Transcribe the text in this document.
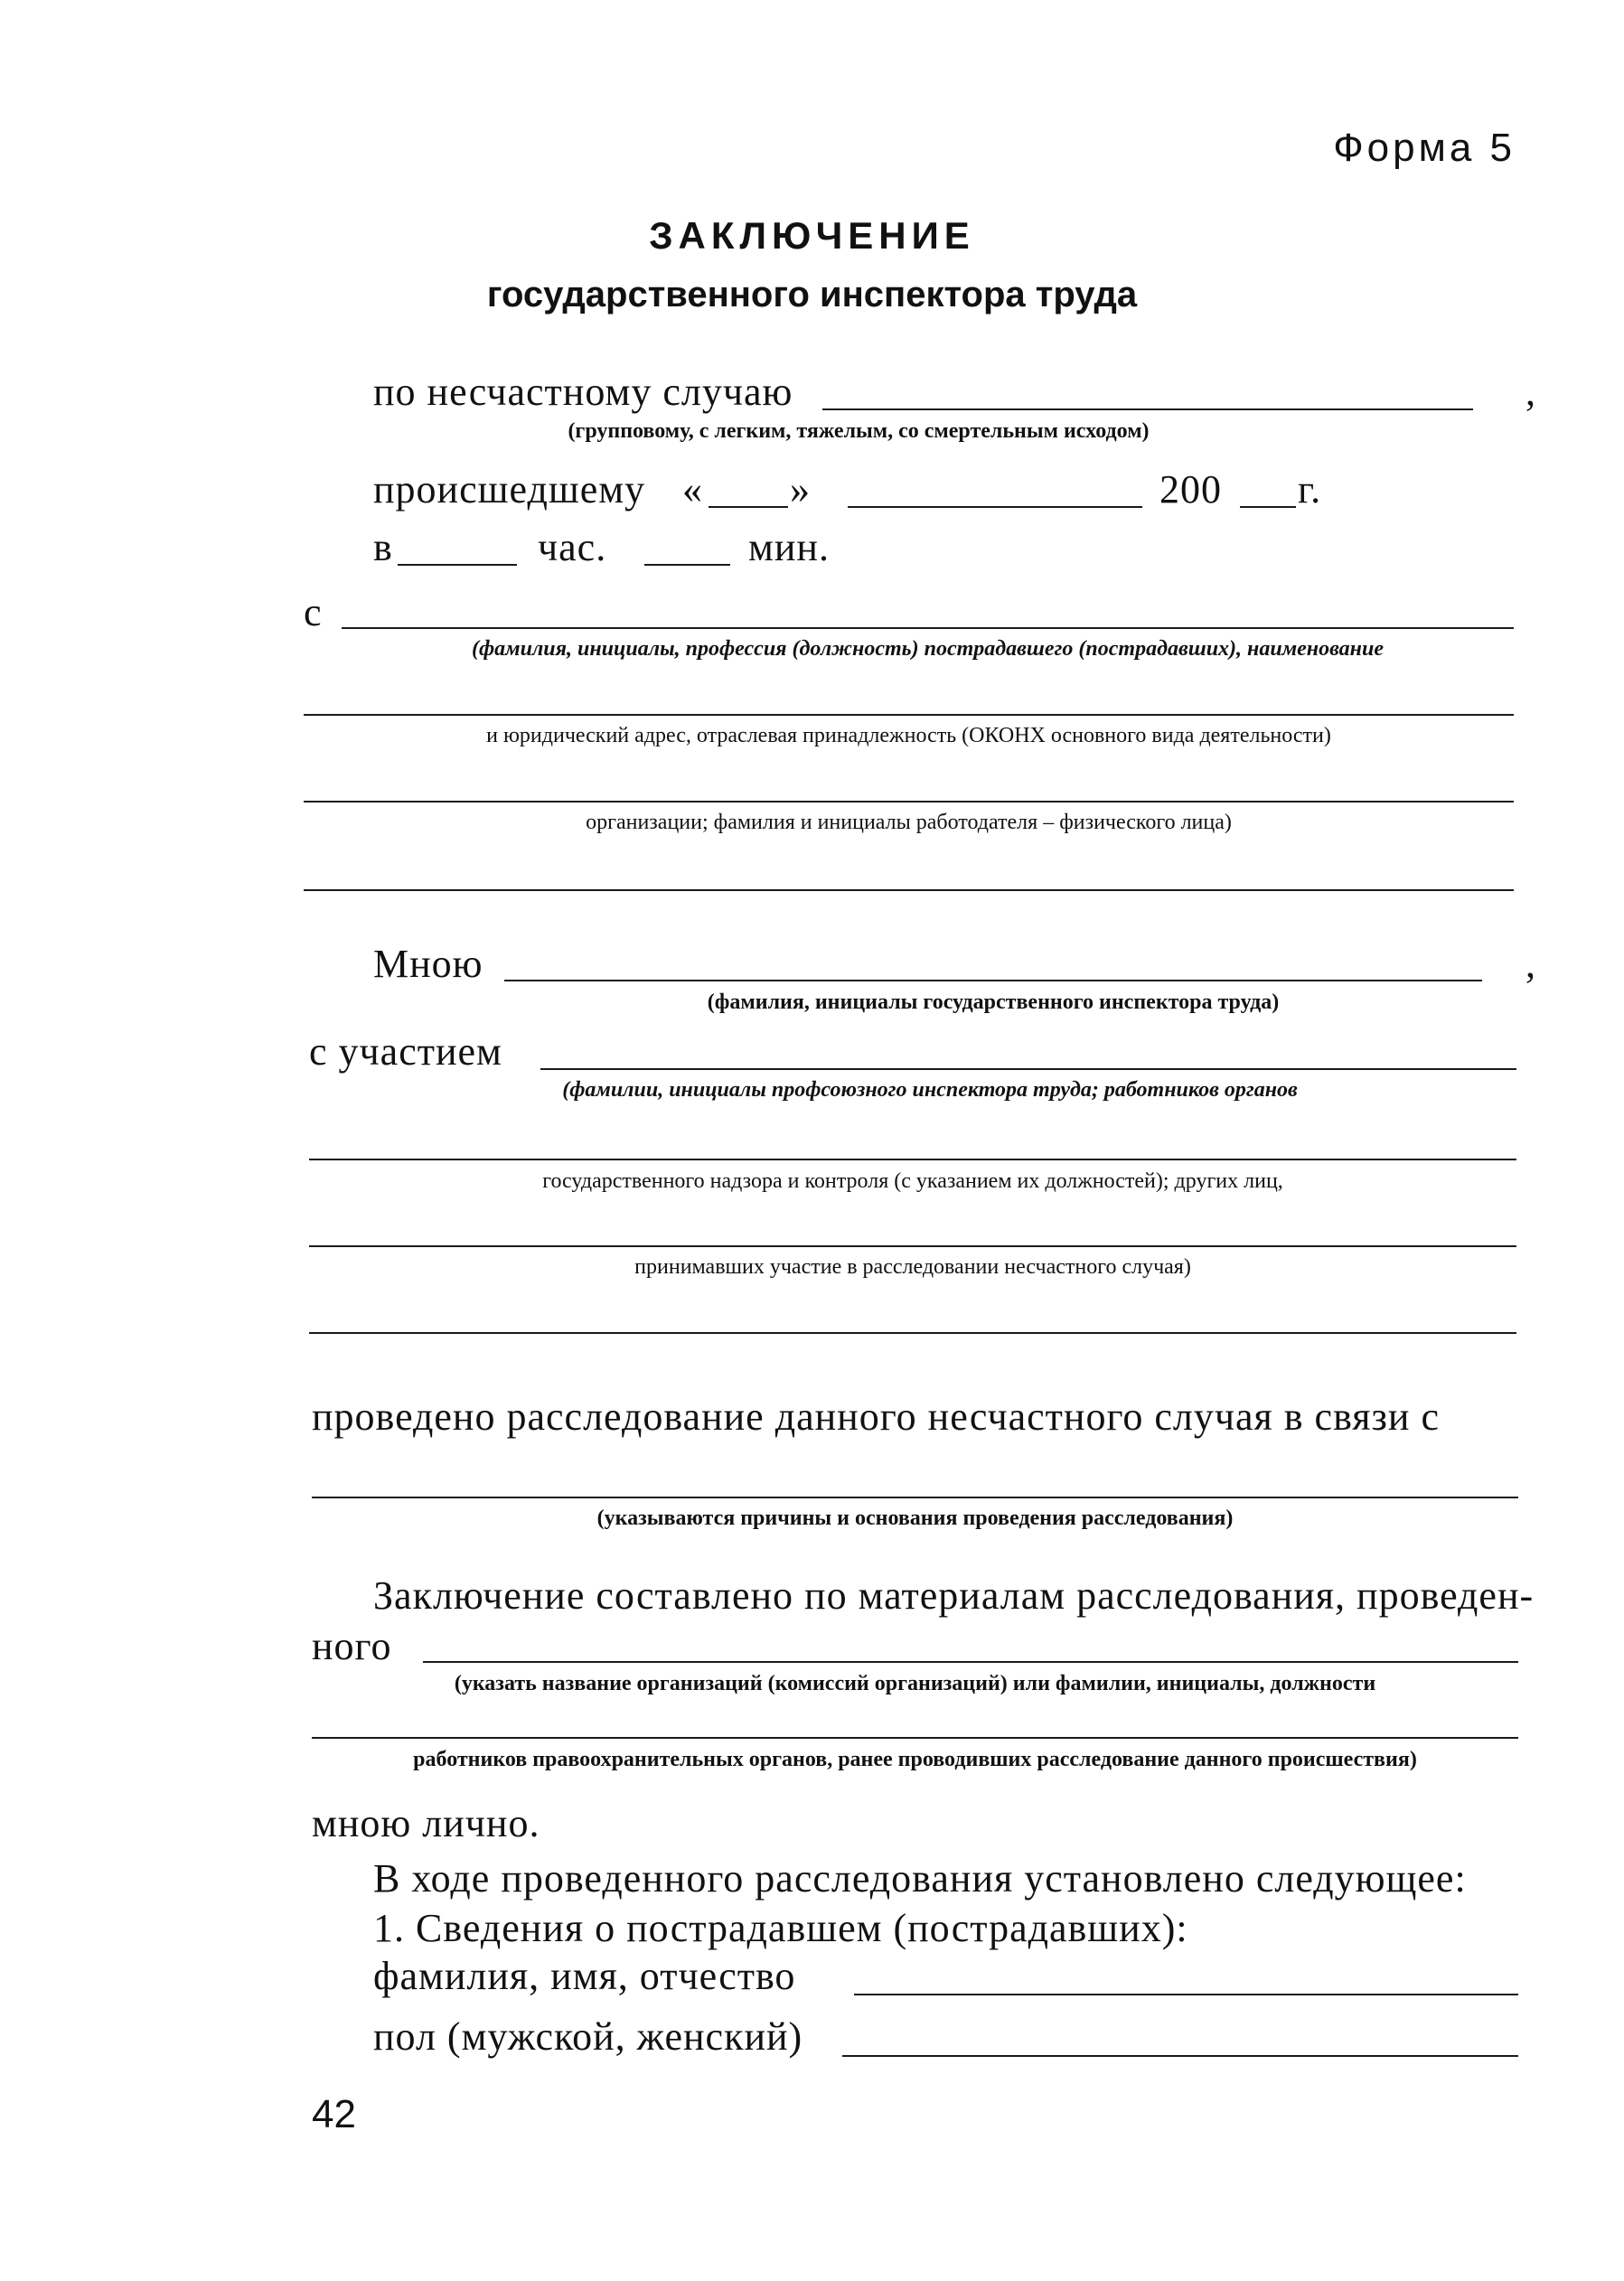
Форма 5
ЗАКЛЮЧЕНИЕ
государственного инспектора труда
по несчастному случаю	,
(групповому, с легким, тяжелым, со смертельным исходом)
происшедшему « »	200 г.
в	час.	мин.
с
(фамилия, инициалы, профессия (должность) пострадавшего (пострадавших), наименование
и юридический адрес, отраслевая принадлежность (ОКОНХ основного вида деятельности)
организации; фамилия и инициалы работодателя – физического лица)
Мною	,
(фамилия, инициалы государственного инспектора труда)
с участием
(фамилии, инициалы профсоюзного инспектора труда; работников органов
государственного надзора и контроля (с указанием их должностей); других лиц,
принимавших участие в расследовании несчастного случая)
проведено расследование данного несчастного случая в связи с
(указываются причины и основания проведения расследования)
Заключение составлено по материалам расследования, проведен-
ного
(указать название организаций (комиссий организаций) или фамилии, инициалы, должности
работников правоохранительных органов, ранее проводивших расследование данного происшествия)
мною лично.
В ходе проведенного расследования установлено следующее:
1. Сведения о пострадавшем (пострадавших):
фамилия, имя, отчество
пол (мужской, женский)
42
